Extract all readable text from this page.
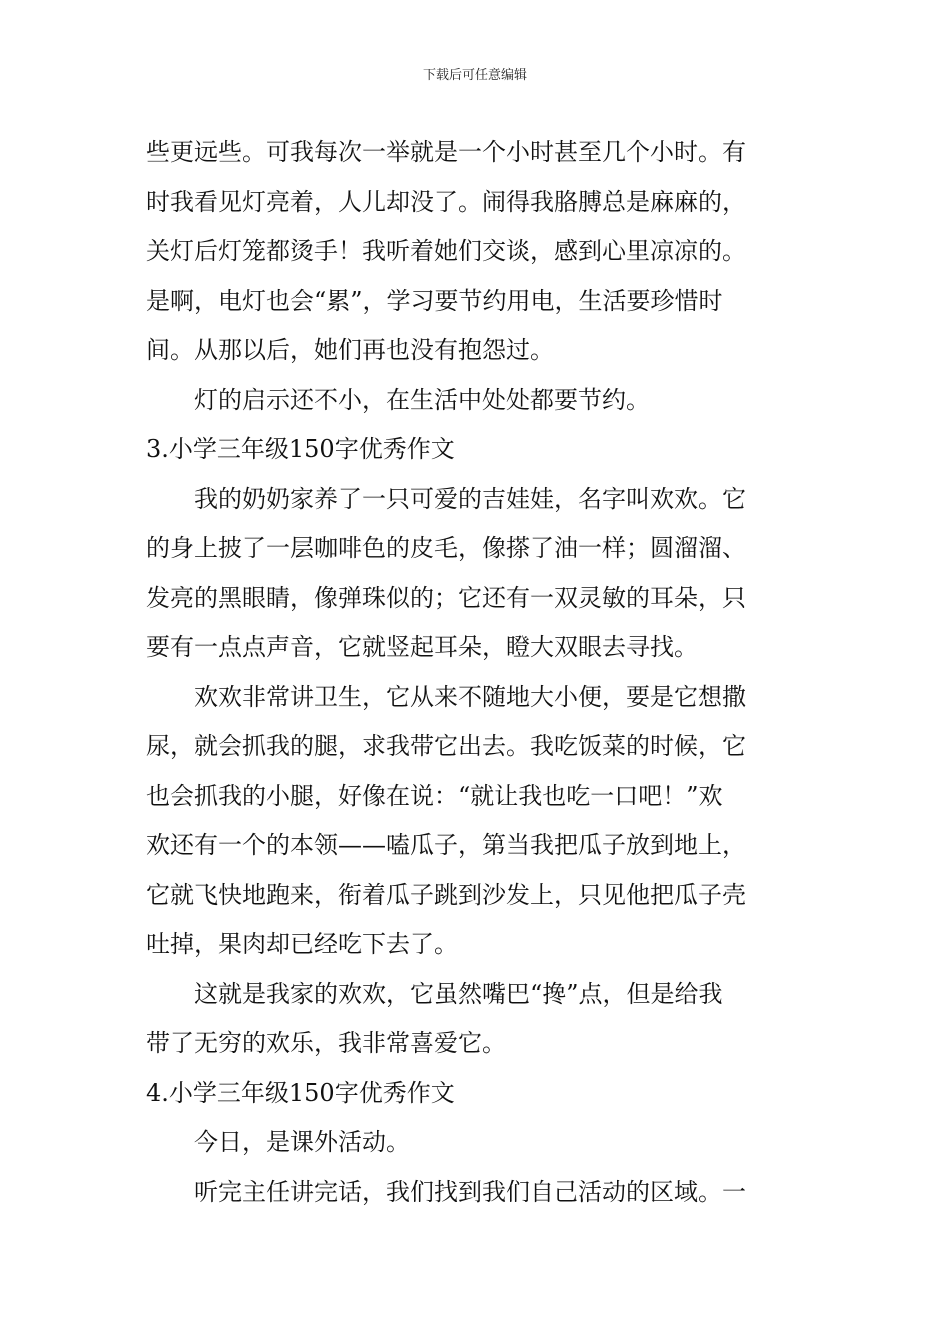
下载后可任意编辑
些更远些。可我每次一举就是一个小时甚至几个小时。有
时我看见灯亮着，人儿却没了。闹得我胳膊总是麻麻的，
关灯后灯笼都烫手！我听着她们交谈，感到心里凉凉的。
是啊，电灯也会“累”，学习要节约用电，生活要珍惜时
间。从那以后，她们再也没有抱怨过。
灯的启示还不小，在生活中处处都要节约。
3.小学三年级150字优秀作文
我的奶奶家养了一只可爱的吉娃娃，名字叫欢欢。它
的身上披了一层咖啡色的皮毛，像搽了油一样；圆溜溜、
发亮的黑眼睛，像弹珠似的；它还有一双灵敏的耳朵，只
要有一点点声音，它就竖起耳朵，瞪大双眼去寻找。
欢欢非常讲卫生，它从来不随地大小便，要是它想撒
尿，就会抓我的腿，求我带它出去。我吃饭菜的时候，它
也会抓我的小腿，好像在说：“就让我也吃一口吧！”欢
欢还有一个的本领——嗑瓜子，第当我把瓜子放到地上，
它就飞快地跑来，衔着瓜子跳到沙发上，只见他把瓜子壳
吐掉，果肉却已经吃下去了。
这就是我家的欢欢，它虽然嘴巴“搀”点，但是给我
带了无穷的欢乐，我非常喜爱它。
4.小学三年级150字优秀作文
今日，是课外活动。
听完主任讲完话，我们找到我们自己活动的区域。一
